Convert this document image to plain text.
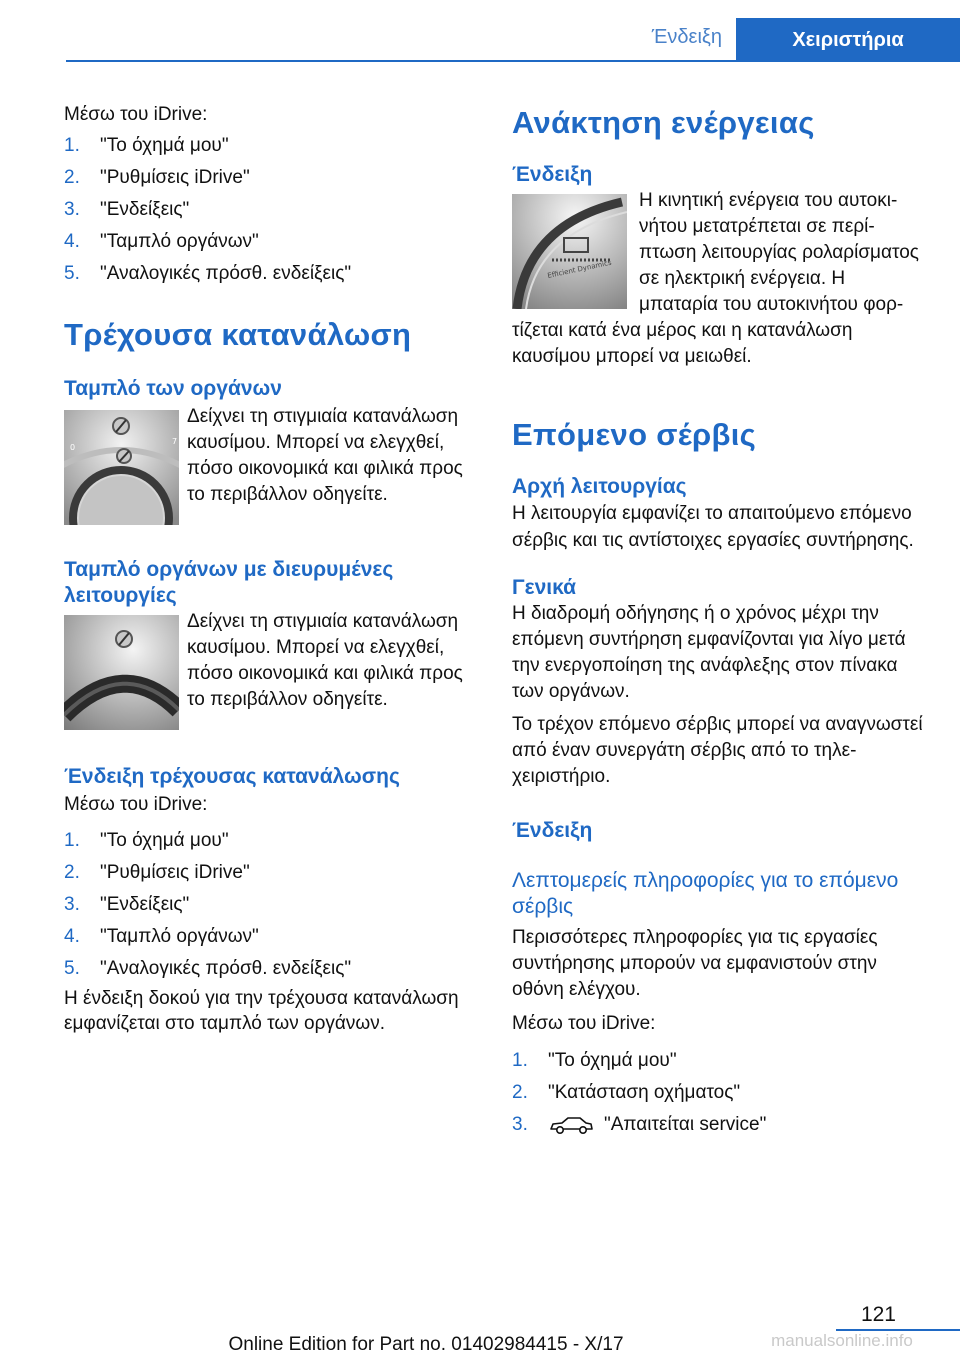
Ένδειξη	Χειριστήρια

Μέσω του iDrive:

1. "Το όχημά μου"
2. "Ρυθμίσεις iDrive"
3. "Ενδείξεις"
4. "Ταμπλό οργάνων"
5. "Αναλογικές πρόσθ. ενδείξεις"
Τρέχουσα κατανάλωση
Ταμπλό των οργάνων
0
7
Δείχνει τη στιγμιαία κατανάλωση καυσίμου. Μπορεί να ελεγχθεί, πόσο οικονομικά και φιλικά προς το περιβάλλον οδηγείτε.
Ταμπλό οργάνων με διευρυμένες λειτουργίες
Δείχνει τη στιγμιαία κατανάλωση καυσίμου. Μπορεί να ελεγχθεί, πόσο οικονομικά και φιλικά προς το περιβάλλον οδηγείτε.
Ένδειξη τρέχουσας κατανάλωσης

Μέσω του iDrive:

1. "Το όχημά μου"
2. "Ρυθμίσεις iDrive"
3. "Ενδείξεις"
4. "Ταμπλό οργάνων"
5. "Αναλογικές πρόσθ. ενδείξεις"

Η ένδειξη δοκού για την τρέχουσα κατανάλωση εμφανίζεται στο ταμπλό των οργάνων.

Ανάκτηση ενέργειας
Ένδειξη
Efficient Dynamics
Η κινητική ενέργεια του αυτοκινήτου μετατρέπεται σε περίπτωση λειτουργίας ρολαρίσματος σε ηλεκτρική ενέργεια. Η μπαταρία του αυτοκινήτου φορτίζεται κατά ένα μέρος και η κατανάλωση καυσίμου μπορεί να μειωθεί.
Επόμενο σέρβις
Αρχή λειτουργίας

Η λειτουργία εμφανίζει το απαιτούμενο επόμενο σέρβις και τις αντίστοιχες εργασίες συντήρησης.

Γενικά

Η διαδρομή οδήγησης ή ο χρόνος μέχρι την επόμενη συντήρηση εμφανίζονται για λίγο μετά την ενεργοποίηση της ανάφλεξης στον πίνακα των οργάνων.

Το τρέχον επόμενο σέρβις μπορεί να αναγνωστεί από έναν συνεργάτη σέρβις από το τηλεχειριστήριο.

Ένδειξη
Λεπτομερείς πληροφορίες για το επόμενο σέρβις

Περισσότερες πληροφορίες για τις εργασίες συντήρησης μπορούν να εμφανιστούν στην οθόνη ελέγχου.

Μέσω του iDrive:

1. "Το όχημά μου"
2. "Κατάσταση οχήματος"
3.	"Απαιτείται service"
121
Online Edition for Part no. 01402984415 - X/17	manualsonline.info
